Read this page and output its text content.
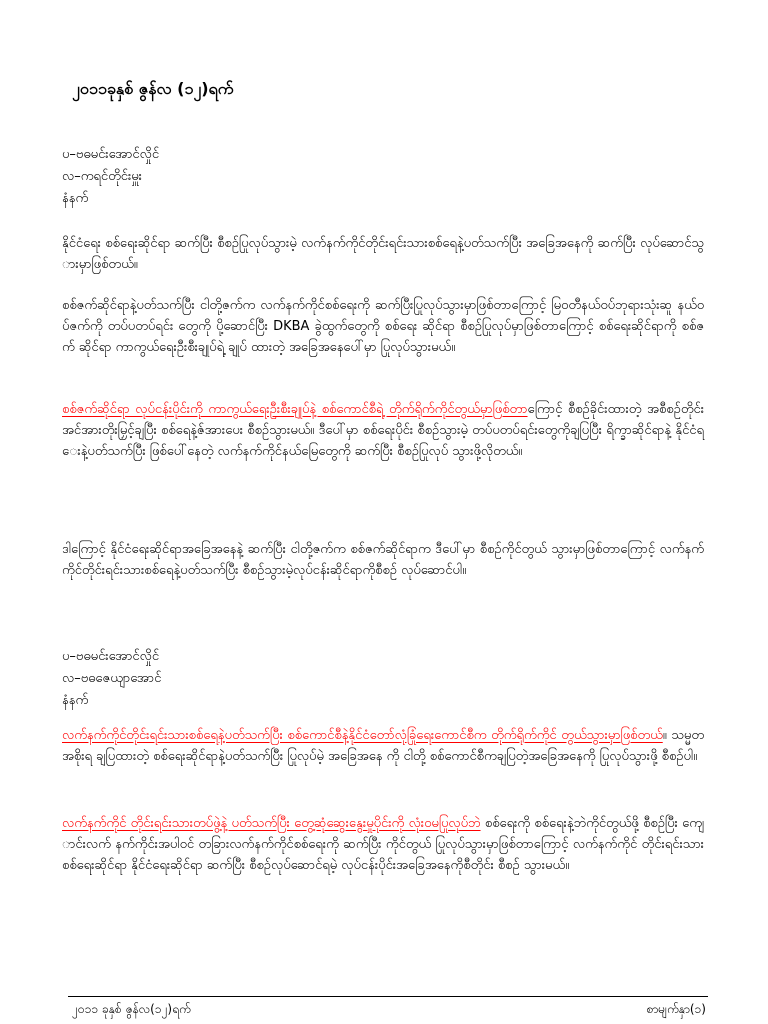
၂၀၁၁ခုနှစ် ဇွန်လ (၁၂)ရက်
ပ–ဗဓမင်းအောင်လှိုင်
လ–ကရင်တိုင်းမှူး
နံနက်
နိုင်ငံရေး စစ်ရေးဆိုင်ရာ ဆက်ပြီး စီစဉ်ပြုလုပ်သွားမဲ့ လက်နက်ကိုင်တိုင်းရင်းသားစစ်ရေနဲ့ပတ်သက်ပြီး အခြေအနေကို ဆက်ပြီး လုပ်ဆောင်သွားမှာဖြစ်တယ်။
စစ်ဇက်ဆိုင်ရာနဲ့ပတ်သက်ပြီး ငါတို့ဇက်က လက်နက်ကိုင်စစ်ရေးကို ဆက်ပြီးပြုလုပ်သွားမှာဖြစ်တာကြောင့် မြဝတီနယ်ဝပ်ဘုရားသုံးဆူ နယ်ဝပ်ဇက်ကို တပ်ပတပ်ရင်း တွေကို ပို့ဆောင်ပြီး DKBA ခွဲထွက်တွေကို စစ်ရေး ဆိုင်ရာ စီစဉ်ပြုလုပ်မှာဖြစ်တာကြောင့် စစ်ရေးဆိုင်ရာကို စစ်ဇက် ဆိုင်ရာ ကာကွယ်ရေးဦးစီးချုပ်ရဲ့ ချုပ် ထားတဲ့ အခြေအနေပေါ်မှာ ပြုလုပ်သွားမယ်။
စစ်ဇက်ဆိုင်ရာ လုပ်ငန်းပိုင်းကို ကာကွယ်ရေးဦးစီးချုပ်နဲ့ စစ်ကောင်စီရဲ့ တိုက်ရိုက်ကိုင်တွယ်မှာဖြစ်တာကြောင့် စီစဉ်ခိုင်းထားတဲ့ အစီစဉ်တိုင်း အင်အားတိုးမြှင့်ချပြီး စစ်ရေနဲ့ဇ်အားပေး စီစဉ်သွားမယ်။ ဒီပေါ်မှာ စစ်ရေးပိုင်း စီစဉ်သွားမဲ့ တပ်ပတပ်ရင်းတွေကိုချပြပြီး ရိက္ခာဆိုင်ရာနဲ့ နိုင်ငံရေးနဲ့ပတ်သက်ပြီး ဖြစ်ပေါ်နေတဲ့ လက်နက်ကိုင်နယ်မြေတွေကို ဆက်ပြီး စီစဉ်ပြုလုပ် သွားဖို့လိုတယ်။
ဒါကြောင့် နိုင်ငံရေးဆိုင်ရာအခြေအနေနဲ့ ဆက်ပြီး ငါတို့ဇက်က စစ်ဇက်ဆိုင်ရာက ဒီပေါ်မှာ စီစဉ်ကိုင်တွယ် သွားမှာဖြစ်တာကြောင့် လက်နက်ကိုင်တိုင်းရင်းသားစစ်ရေနဲ့ပတ်သက်ပြီး စီစဉ်သွားမဲ့လုပ်ငန်းဆိုင်ရာကိုစီစဉ် လုပ်ဆောင်ပါ။
ပ–ဗဓမင်းအောင်လှိုင်
လ–ဗဓဇေယျာအောင်
နံနက်
လက်နက်ကိုင်တိုင်းရင်းသားစစ်ရေနဲ့ပတ်သက်ပြီး စစ်ကောင်စီနဲ့နိုင်ငံတော်လုံခြုံရေးကောင်စီက တိုက်ရိုက်ကိုင် တွယ်သွားမှာဖြစ်တယ်။ သမ္မတအစိုးရ ချပြထားတဲ့ စစ်ရေးဆိုင်ရာနဲ့ပတ်သက်ပြီး ပြုလုပ်မဲ့ အခြေအနေ ကို ငါတို့ စစ်ကောင်စီကချပြတဲ့အခြေအနေကို ပြုလုပ်သွားဖို့ စီစဉ်ပါ။
လက်နက်ကိုင် တိုင်းရင်းသားတပ်ဖွဲ့နဲ့ ပတ်သက်ပြီး တွေ့ဆုံဆွေးနွေးမှုပိုင်းကို လုံးဝမပြုလုပ်ဘဲ စစ်ရေးကို စစ်ရေးနဲ့ဘဲကိုင်တွယ်ဖို့ စီစဉ်ပြီး ကျောင်းလက် နက်ကိုင်းအပါဝင် တခြားလက်နက်ကိုင်စစ်ရေးကို ဆက်ပြီး ကိုင်တွယ် ပြုလုပ်သွားမှာဖြစ်တာကြောင့် လက်နက်ကိုင် တိုင်းရင်းသားစစ်ရေးဆိုင်ရာ နိုင်ငံရေးဆိုင်ရာ ဆက်ပြီး စီစဉ်လုပ်ဆောင်ရမဲ့ လုပ်ငန်းပိုင်းအခြေအနေကိုစီတိုင်း စီစဉ် သွားမယ်။
၂၀၁၁ ခုနှစ် ဇွန်လ(၁၂)ရက်	စာမျက်နှာ(၁)
